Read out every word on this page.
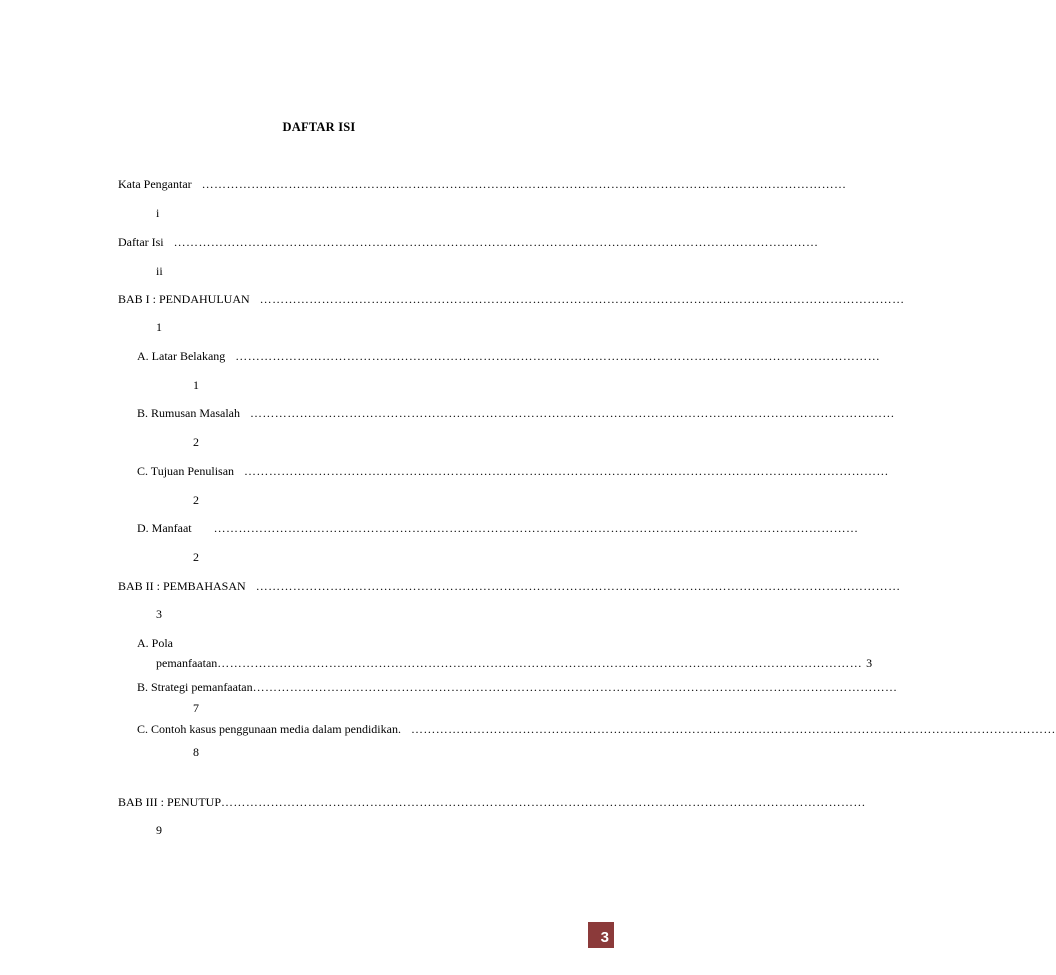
DAFTAR ISI
Kata Pengantar …………………………………………………………………………………………………………………………………………
i
Daftar Isi …………………………………………………………………………………………………………………………………………
ii
BAB I : PENDAHULUAN …………………………………………………………………………………………………………………………………………
1
A. Latar Belakang …………………………………………………………………………………………………………………………………………
1
B. Rumusan Masalah …………………………………………………………………………………………………………………………………………
2
C. Tujuan Penulisan …………………………………………………………………………………………………………………………………………
2
D. Manfaat …………………………………………………………………………………………………………………………………………
2
BAB II : PEMBAHASAN …………………………………………………………………………………………………………………………………………
3
A. Pola
pemanfaatan ………………………………………………………………………………………………………………………………………… 3
B. Strategi pemanfaatan …………………………………………………………………………………………………………………………………………
7
C. Contoh kasus penggunaan media dalam pendidikan. …………………………………………………………………………………………………………………………………………
8
BAB III : PENUTUP …………………………………………………………………………………………………………………………………………
9
3
